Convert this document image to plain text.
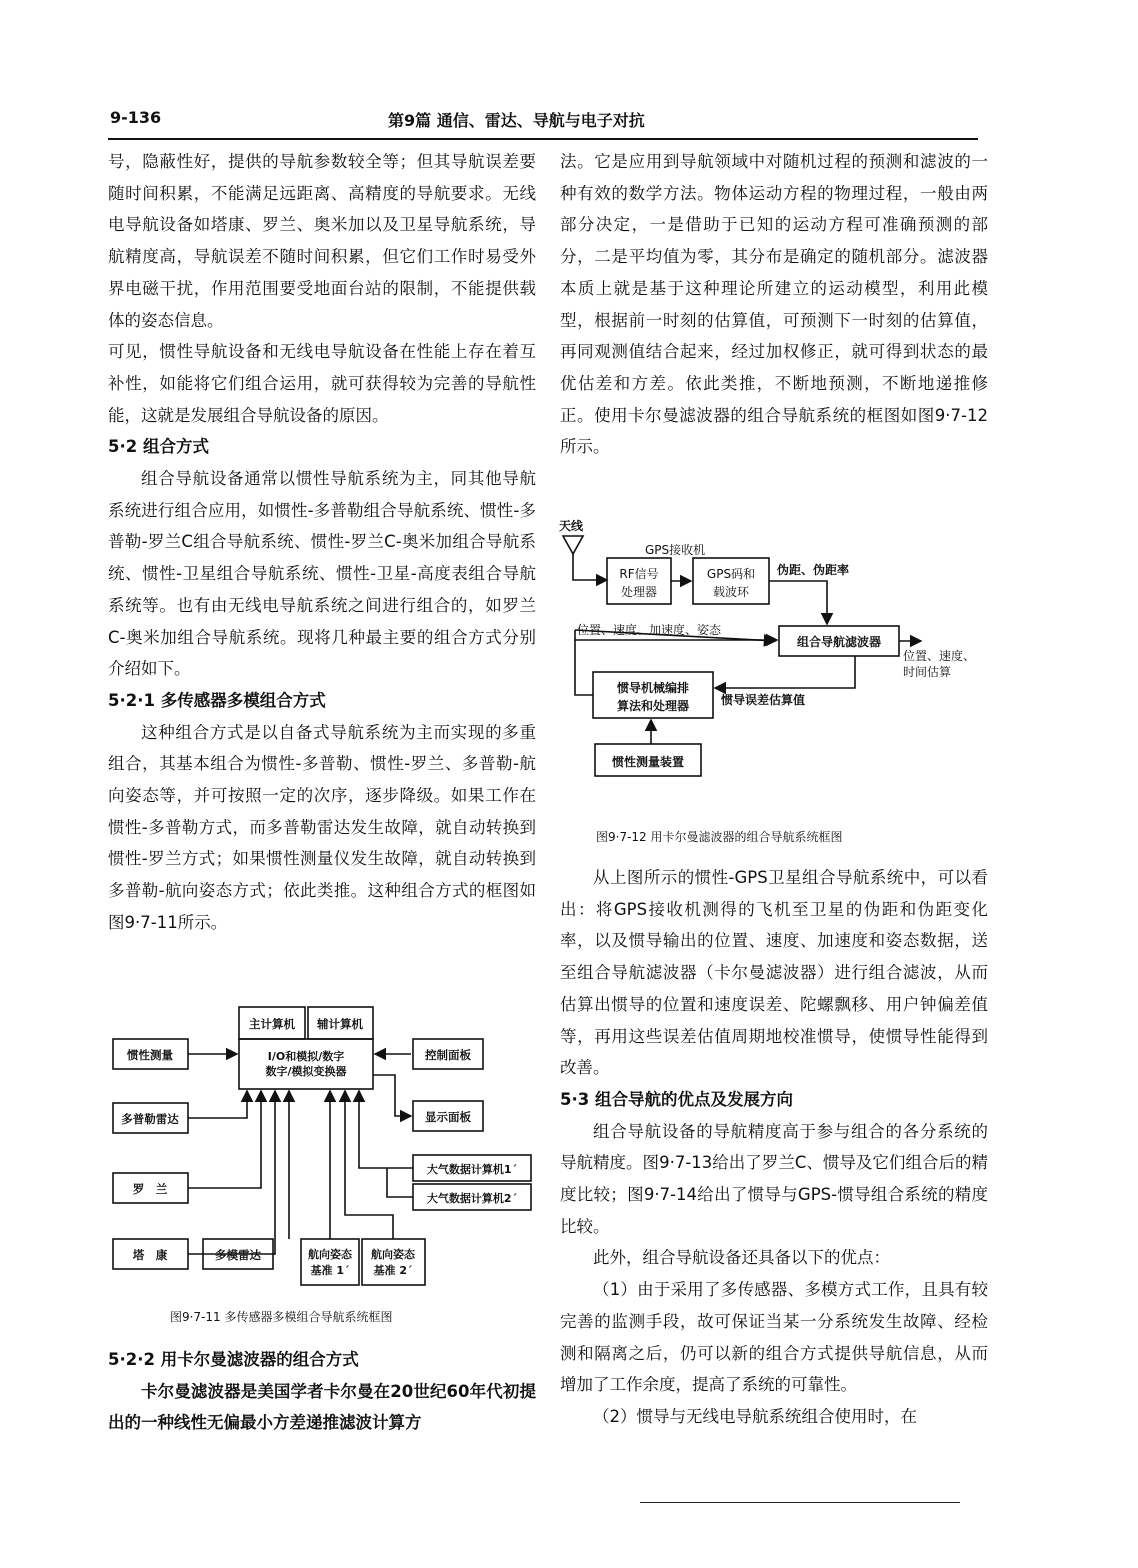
9-136	第9篇 通信、雷达、导航与电子对抗

号，隐蔽性好，提供的导航参数较全等；但其导航误差要随时间积累，不能满足远距离、高精度的导航要求。无线电导航设备如塔康、罗兰、奥米加以及卫星导航系统，导航精度高，导航误差不随时间积累，但它们工作时易受外界电磁干扰，作用范围要受地面台站的限制，不能提供载体的姿态信息。

可见，惯性导航设备和无线电导航设备在性能上存在着互补性，如能将它们组合运用，就可获得较为完善的导航性能，这就是发展组合导航设备的原因。

5·2 组合方式

组合导航设备通常以惯性导航系统为主，同其他导航系统进行组合应用，如惯性-多普勒组合导航系统、惯性-多普勒-罗兰C组合导航系统、惯性-罗兰C-奥米加组合导航系统、惯性-卫星组合导航系统、惯性-卫星-高度表组合导航系统等。也有由无线电导航系统之间进行组合的，如罗兰C-奥米加组合导航系统。现将几种最主要的组合方式分别介绍如下。

5·2·1 多传感器多模组合方式

这种组合方式是以自备式导航系统为主而实现的多重组合，其基本组合为惯性-多普勒、惯性-罗兰、多普勒-航向姿态等，并可按照一定的次序，逐步降级。如果工作在惯性-多普勒方式，而多普勒雷达发生故障，就自动转换到惯性-罗兰方式；如果惯性测量仪发生故障，就自动转换到多普勒-航向姿态方式；依此类推。这种组合方式的框图如图9·7-11所示。

主计算机 辅计算机
I/O和模拟/数字
数字/模拟变换器
惯性测量
多普勒雷达
罗　兰
塔　康	多模雷达	航向姿态
基准 1ˊ
航向姿态
基准 2ˊ
控制面板
显示面板
大气数据计算机1ˊ
大气数据计算机2ˊ
图9·7-11 多传感器多模组合导航系统框图

5·2·2 用卡尔曼滤波器的组合方式

卡尔曼滤波器是美国学者卡尔曼在20世纪60年代初提出的一种线性无偏最小方差递推滤波计算方

法。它是应用到导航领域中对随机过程的预测和滤波的一种有效的数学方法。物体运动方程的物理过程，一般由两部分决定，一是借助于已知的运动方程可准确预测的部分，二是平均值为零，其分布是确定的随机部分。滤波器本质上就是基于这种理论所建立的运动模型，利用此模型，根据前一时刻的估算值，可预测下一时刻的估算值，再同观测值结合起来，经过加权修正，就可得到状态的最优估差和方差。依此类推，不断地预测，不断地递推修正。使用卡尔曼滤波器的组合导航系统的框图如图9·7-12所示。

天线
GPS接收机
RF信号
处理器
GPS码和
载波环
伪距、伪距率
位置、速度、加速度、姿态
组合导航滤波器
位置、速度、
时间估算
惯导机械编排
算法和处理器	惯导误差估算值
惯性测量装置
图9·7-12 用卡尔曼滤波器的组合导航系统框图

从上图所示的惯性-GPS卫星组合导航系统中，可以看出：将GPS接收机测得的飞机至卫星的伪距和伪距变化率，以及惯导输出的位置、速度、加速度和姿态数据，送至组合导航滤波器（卡尔曼滤波器）进行组合滤波，从而估算出惯导的位置和速度误差、陀螺飘移、用户钟偏差值等，再用这些误差估值周期地校准惯导，使惯导性能得到改善。

5·3 组合导航的优点及发展方向

组合导航设备的导航精度高于参与组合的各分系统的导航精度。图9·7-13给出了罗兰C、惯导及它们组合后的精度比较；图9·7-14给出了惯导与GPS-惯导组合系统的精度比较。

此外，组合导航设备还具备以下的优点：

（1）由于采用了多传感器、多模方式工作，且具有较完善的监测手段，故可保证当某一分系统发生故障、经检测和隔离之后，仍可以新的组合方式提供导航信息，从而增加了工作余度，提高了系统的可靠性。

（2）惯导与无线电导航系统组合使用时，在
